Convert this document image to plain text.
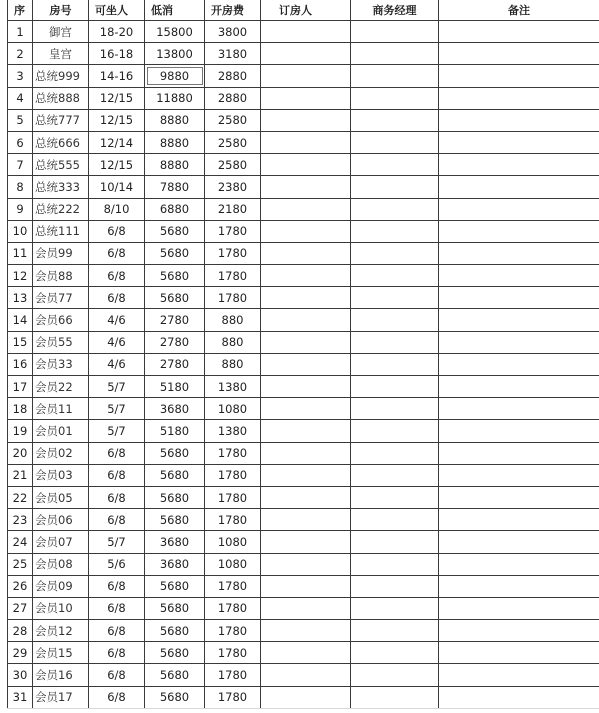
序	房号	可坐人	低消	开房费	订房人	商务经理	备注
1	御宫	18-20	15800	3800			
2	皇宫	16-18	13800	3180			
3	总统999	14-16	9880	2880			
4	总统888	12/15	11880	2880			
5	总统777	12/15	8880	2580			
6	总统666	12/14	8880	2580			
7	总统555	12/15	8880	2580			
8	总统333	10/14	7880	2380			
9	总统222	8/10	6880	2180			
10	总统111	6/8	5680	1780			
11	会员99	6/8	5680	1780			
12	会员88	6/8	5680	1780			
13	会员77	6/8	5680	1780			
14	会员66	4/6	2780	880			
15	会员55	4/6	2780	880			
16	会员33	4/6	2780	880			
17	会员22	5/7	5180	1380			
18	会员11	5/7	3680	1080			
19	会员01	5/7	5180	1380			
20	会员02	6/8	5680	1780			
21	会员03	6/8	5680	1780			
22	会员05	6/8	5680	1780			
23	会员06	6/8	5680	1780			
24	会员07	5/7	3680	1080			
25	会员08	5/6	3680	1080			
26	会员09	6/8	5680	1780			
27	会员10	6/8	5680	1780			
28	会员12	6/8	5680	1780			
29	会员15	6/8	5680	1780			
30	会员16	6/8	5680	1780			
31	会员17	6/8	5680	1780			
